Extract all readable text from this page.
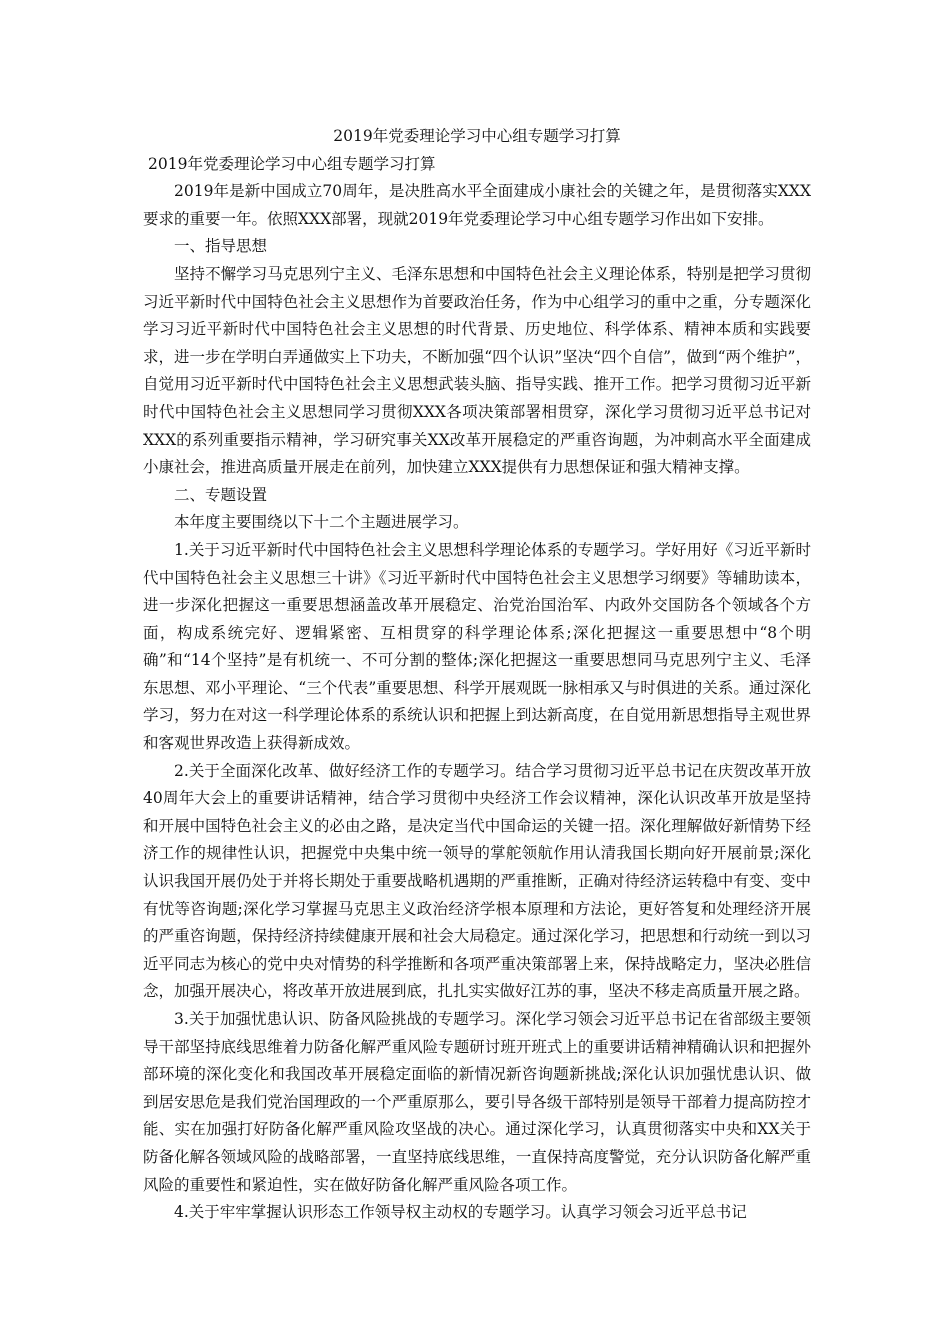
2019年党委理论学习中心组专题学习打算

2019年党委理论学习中心组专题学习打算

2019年是新中国成立70周年，是决胜高水平全面建成小康社会的关键之年，是贯彻落实XXX要求的重要一年。依照XXX部署，现就2019年党委理论学习中心组专题学习作出如下安排。

一、指导思想

坚持不懈学习马克思列宁主义、毛泽东思想和中国特色社会主义理论体系，特别是把学习贯彻习近平新时代中国特色社会主义思想作为首要政治任务，作为中心组学习的重中之重，分专题深化学习习近平新时代中国特色社会主义思想的时代背景、历史地位、科学体系、精神本质和实践要求，进一步在学明白弄通做实上下功夫，不断加强“四个认识”坚决“四个自信”，做到“两个维护”，自觉用习近平新时代中国特色社会主义思想武装头脑、指导实践、推开工作。把学习贯彻习近平新时代中国特色社会主义思想同学习贯彻XXX各项决策部署相贯穿，深化学习贯彻习近平总书记对XXX的系列重要指示精神，学习研究事关XX改革开展稳定的严重咨询题，为冲刺高水平全面建成小康社会，推进高质量开展走在前列，加快建立XXX提供有力思想保证和强大精神支撑。

二、专题设置

本年度主要围绕以下十二个主题进展学习。

1.关于习近平新时代中国特色社会主义思想科学理论体系的专题学习。学好用好《习近平新时代中国特色社会主义思想三十讲》《习近平新时代中国特色社会主义思想学习纲要》等辅助读本，进一步深化把握这一重要思想涵盖改革开展稳定、治党治国治军、内政外交国防各个领域各个方面，构成系统完好、逻辑紧密、互相贯穿的科学理论体系;深化把握这一重要思想中“8个明确”和“14个坚持”是有机统一、不可分割的整体;深化把握这一重要思想同马克思列宁主义、毛泽东思想、邓小平理论、“三个代表”重要思想、科学开展观既一脉相承又与时俱进的关系。通过深化学习，努力在对这一科学理论体系的系统认识和把握上到达新高度，在自觉用新思想指导主观世界和客观世界改造上获得新成效。

2.关于全面深化改革、做好经济工作的专题学习。结合学习贯彻习近平总书记在庆贺改革开放40周年大会上的重要讲话精神，结合学习贯彻中央经济工作会议精神，深化认识改革开放是坚持和开展中国特色社会主义的必由之路，是决定当代中国命运的关键一招。深化理解做好新情势下经济工作的规律性认识，把握党中央集中统一领导的掌舵领航作用认清我国长期向好开展前景;深化认识我国开展仍处于并将长期处于重要战略机遇期的严重推断，正确对待经济运转稳中有变、变中有忧等咨询题;深化学习掌握马克思主义政治经济学根本原理和方法论，更好答复和处理经济开展的严重咨询题，保持经济持续健康开展和社会大局稳定。通过深化学习，把思想和行动统一到以习近平同志为核心的党中央对情势的科学推断和各项严重决策部署上来，保持战略定力，坚决必胜信念，加强开展决心，将改革开放进展到底，扎扎实实做好江苏的事，坚决不移走高质量开展之路。

3.关于加强忧患认识、防备风险挑战的专题学习。深化学习领会习近平总书记在省部级主要领导干部坚持底线思维着力防备化解严重风险专题研讨班开班式上的重要讲话精神精确认识和把握外部环境的深化变化和我国改革开展稳定面临的新情况新咨询题新挑战;深化认识加强忧患认识、做到居安思危是我们党治国理政的一个严重原那么，要引导各级干部特别是领导干部着力提高防控才能、实在加强打好防备化解严重风险攻坚战的决心。通过深化学习，认真贯彻落实中央和XX关于防备化解各领域风险的战略部署，一直坚持底线思维，一直保持高度警觉，充分认识防备化解严重风险的重要性和紧迫性，实在做好防备化解严重风险各项工作。

4.关于牢牢掌握认识形态工作领导权主动权的专题学习。认真学习领会习近平总书记
